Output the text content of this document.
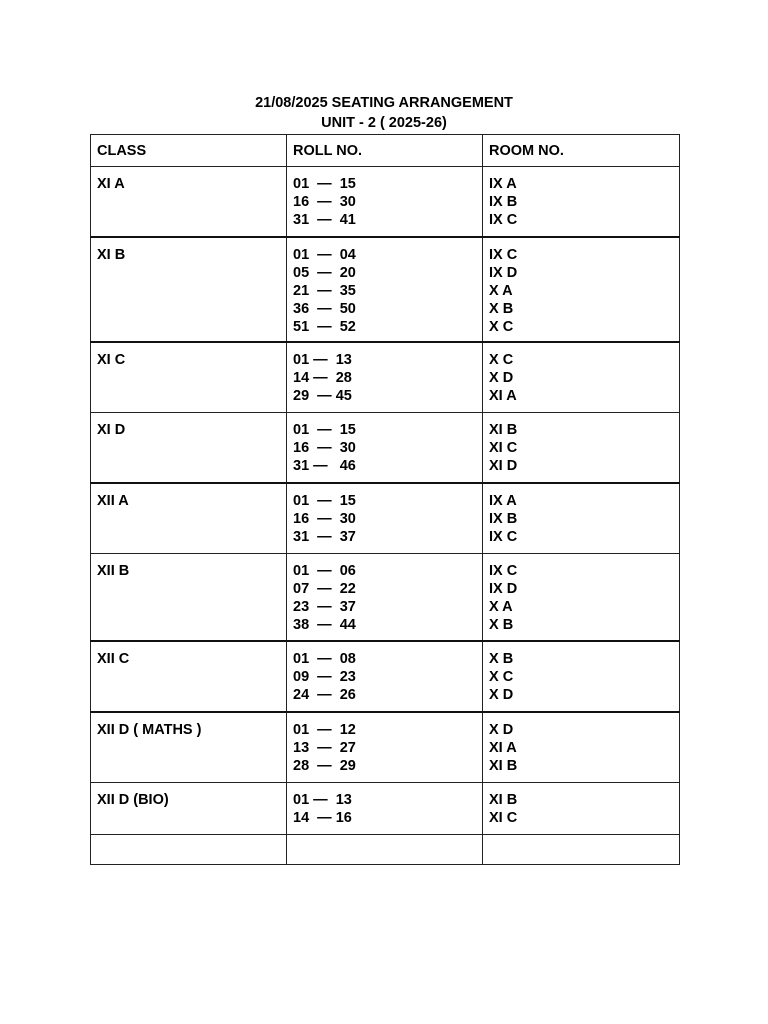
21/08/2025 SEATING ARRANGEMENT
UNIT - 2 ( 2025-26)
CLASS	ROLL NO.	ROOM NO.

XI A	01  —  15
16  —  30
31  —  41	IX A
IX B
IX C

XI B	01  —  04
05  —  20
21  —  35
36  —  50
51  —  52	IX C
IX D
X A
X B
X C

XI C	01 —  13
14 —  28
29  — 45	X C
X D
XI A

XI D	01  —  15
16  —  30
31 —   46	XI B
XI C
XI D

XII A	01  —  15
16  —  30
31  —  37	IX A
IX B
IX C

XII B	01  —  06
07  —  22
23  —  37
38  —  44	IX C
IX D
X A
X B

XII C	01  —  08
09  —  23
24  —  26	X B
X C
X D

XII D ( MATHS )	01  —  12
13  —  27
28  —  29	X D
XI A
XI B

XII D (BIO)	01 —  13
14  — 16	XI B
XI C
